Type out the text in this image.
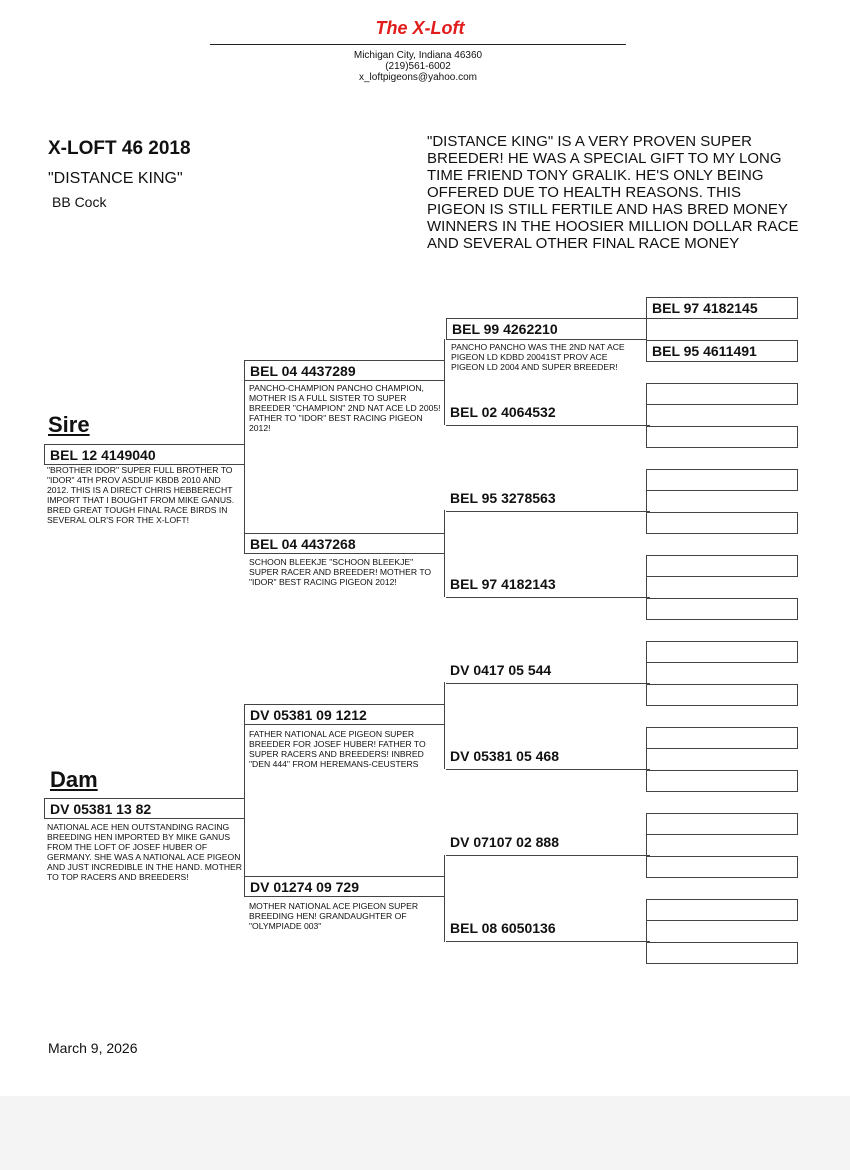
The X-Loft
Michigan City, Indiana 46360
(219)561-6002
x_loftpigeons@yahoo.com
X-LOFT 46 2018
"DISTANCE KING"
BB Cock
"DISTANCE KING" IS A VERY PROVEN SUPER BREEDER! HE WAS A SPECIAL GIFT TO MY LONG TIME FRIEND TONY GRALIK. HE'S ONLY BEING OFFERED DUE TO HEALTH REASONS. THIS PIGEON IS STILL FERTILE AND HAS BRED MONEY WINNERS IN THE HOOSIER MILLION DOLLAR RACE AND SEVERAL OTHER FINAL RACE MONEY
Sire
Dam
BEL 12 4149040
"BROTHER IDOR" SUPER FULL BROTHER TO "IDOR" 4TH PROV ASDUIF KBDB 2010 AND 2012. THIS IS A DIRECT CHRIS HEBBERECHT IMPORT THAT I BOUGHT FROM MIKE GANUS. BRED GREAT TOUGH FINAL RACE BIRDS IN SEVERAL OLR'S FOR THE X-LOFT!
DV 05381 13 82
NATIONAL ACE HEN OUTSTANDING RACING BREEDING HEN IMPORTED BY MIKE GANUS FROM THE LOFT OF JOSEF HUBER OF GERMANY. SHE WAS A NATIONAL ACE PIGEON AND JUST INCREDIBLE IN THE HAND. MOTHER TO TOP RACERS AND BREEDERS!
BEL 04 4437289
PANCHO-CHAMPION PANCHO CHAMPION, MOTHER IS A FULL SISTER TO SUPER BREEDER "CHAMPION" 2ND NAT ACE LD 2005! FATHER TO "IDOR" BEST RACING PIGEON 2012!
BEL 04 4437268
SCHOON BLEEKJE "SCHOON BLEEKJE" SUPER RACER AND BREEDER! MOTHER TO "IDOR" BEST RACING PIGEON 2012!
DV 05381 09 1212
FATHER NATIONAL ACE PIGEON SUPER BREEDER FOR JOSEF HUBER! FATHER TO SUPER RACERS AND BREEDERS! INBRED "DEN 444" FROM HEREMANS-CEUSTERS
DV 01274 09 729
MOTHER NATIONAL ACE PIGEON SUPER BREEDING HEN! GRANDAUGHTER OF "OLYMPIADE 003"
BEL 99 4262210
PANCHO PANCHO WAS THE 2ND NAT ACE PIGEON LD KDBD 20041ST PROV ACE PIGEON LD 2004 AND SUPER BREEDER!
BEL 02 4064532
BEL 95 3278563
BEL 97 4182143
DV 0417 05 544
DV 05381 05 468
DV 07107 02 888
BEL 08 6050136
BEL 97 4182145
BEL 95 4611491
March 9, 2026
